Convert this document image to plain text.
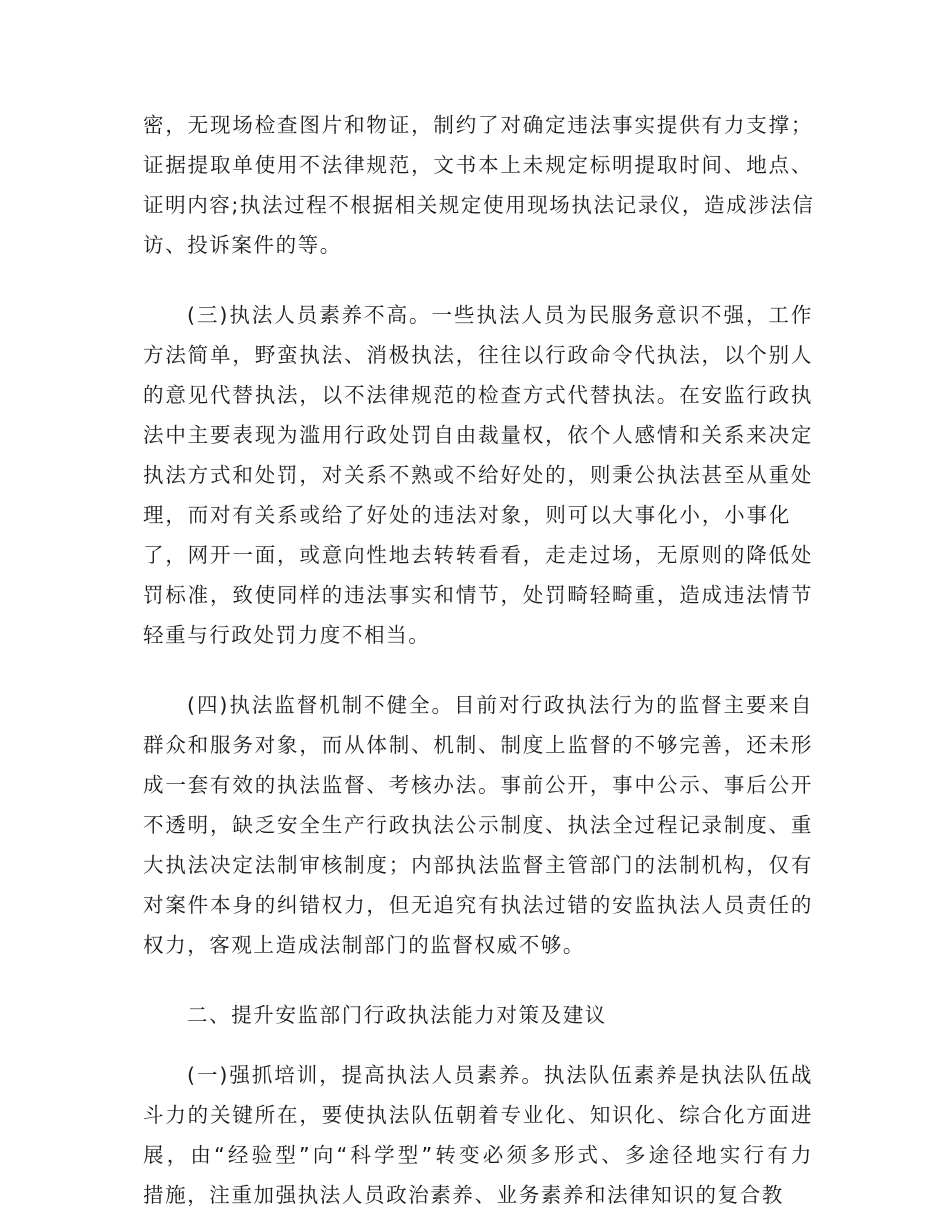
密，无现场检查图片和物证，制约了对确定违法事实提供有力支撑；
证据提取单使用不法律规范，文书本上未规定标明提取时间、地点、
证明内容;执法过程不根据相关规定使用现场执法记录仪，造成涉法信
访、投诉案件的等。
(三)执法人员素养不高。一些执法人员为民服务意识不强，工作
方法简单，野蛮执法、消极执法，往往以行政命令代执法，以个别人
的意见代替执法，以不法律规范的检查方式代替执法。在安监行政执
法中主要表现为滥用行政处罚自由裁量权，依个人感情和关系来决定
执法方式和处罚，对关系不熟或不给好处的，则秉公执法甚至从重处
理，而对有关系或给了好处的违法对象，则可以大事化小，小事化
了，网开一面，或意向性地去转转看看，走走过场，无原则的降低处
罚标准，致使同样的违法事实和情节，处罚畸轻畸重，造成违法情节
轻重与行政处罚力度不相当。
(四)执法监督机制不健全。目前对行政执法行为的监督主要来自
群众和服务对象，而从体制、机制、制度上监督的不够完善，还未形
成一套有效的执法监督、考核办法。事前公开，事中公示、事后公开
不透明，缺乏安全生产行政执法公示制度、执法全过程记录制度、重
大执法决定法制审核制度；内部执法监督主管部门的法制机构，仅有
对案件本身的纠错权力，但无追究有执法过错的安监执法人员责任的
权力，客观上造成法制部门的监督权威不够。
二、提升安监部门行政执法能力对策及建议
(一)强抓培训，提高执法人员素养。执法队伍素养是执法队伍战
斗力的关键所在，要使执法队伍朝着专业化、知识化、综合化方面进
展，由“经验型”向“科学型”转变必须多形式、多途径地实行有力
措施，注重加强执法人员政治素养、业务素养和法律知识的复合教
